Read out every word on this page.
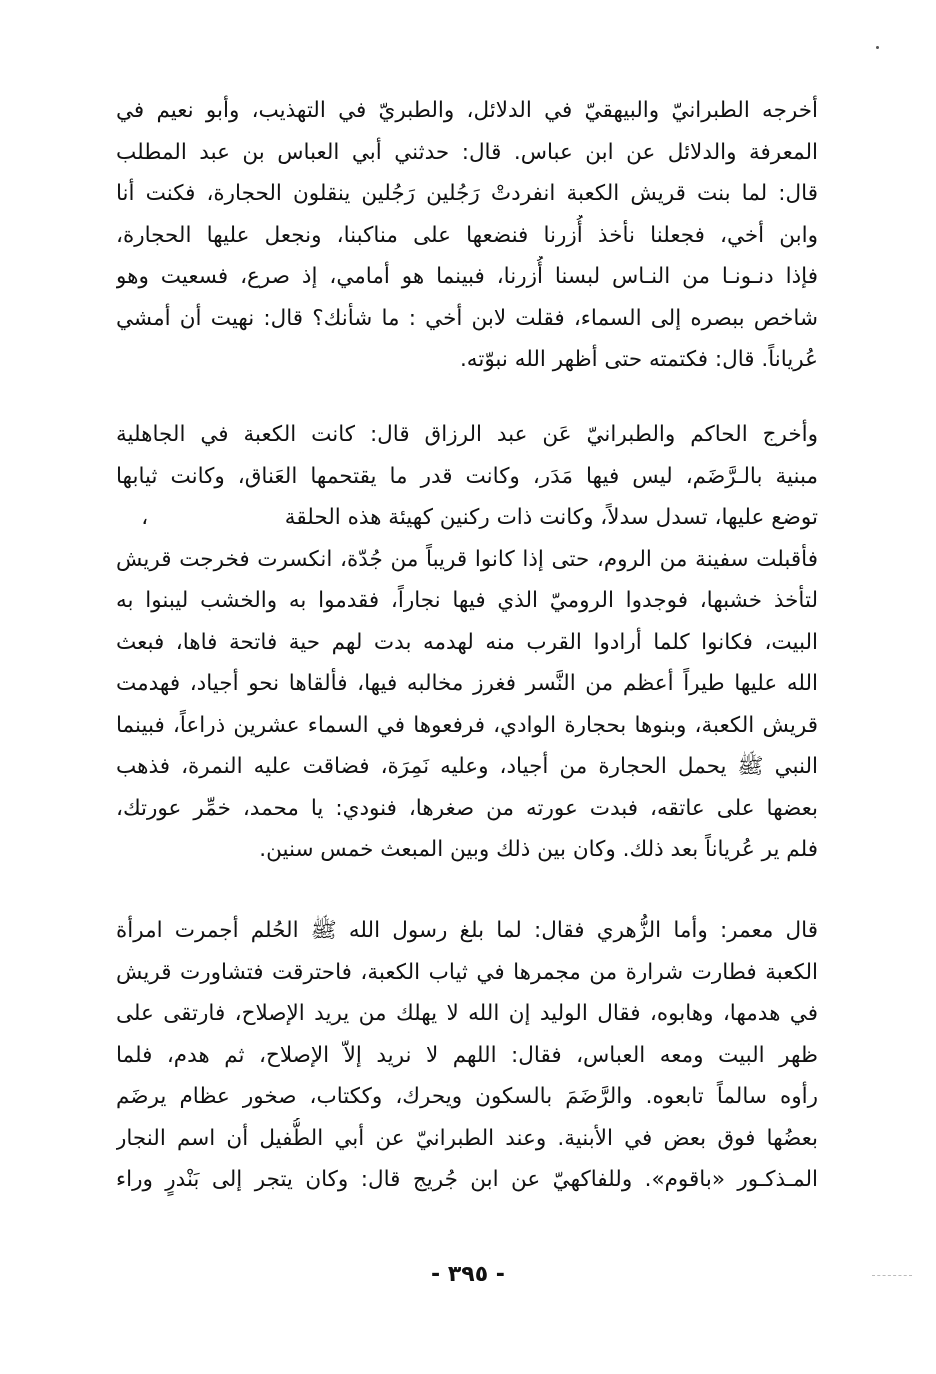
أخرجه الطبرانيّ والبيهقيّ في الدلائل، والطبريّ في التهذيب، وأبو نعيم في
المعرفة والدلائل عن ابن عباس. قال: حدثني أبي العباس بن عبد المطلب
قال: لما بنت قريش الكعبة انفردتْ رَجُلين رَجُلين ينقلون الحجارة، فكنت أنا
وابن أخي، فجعلنا نأخذ أُزرنا فنضعها على مناكبنا، ونجعل عليها الحجارة،
فإذا دنـونـا من النـاس لبسنا أُزرنا، فبينما هو أمامي، إذ صرع، فسعيت وهو
شاخص ببصره إلى السماء، فقلت لابن أخي : ما شأنك؟ قال: نهيت أن أمشي
عُرياناً. قال: فكتمته حتى أظهر الله نبوّته.
وأخرج الحاكم والطبرانيّ عَن عبد الرزاق قال: كانت الكعبة في الجاهلية
مبنية بالـرَّضَم، ليس فيها مَدَر، وكانت قدر ما يقتحمها العَناق، وكانت ثيابها
توضع عليها، تسدل سدلاً، وكانت ذات ركنين كهيئة هذه الحلقة                    ،
فأقبلت سفينة من الروم، حتى إذا كانوا قريباً من جُدّة، انكسرت فخرجت قريش
لتأخذ خشبها، فوجدوا الروميّ الذي فيها نجاراً، فقدموا به والخشب ليبنوا به
البيت، فكانوا كلما أرادوا القرب منه لهدمه بدت لهم حية فاتحة فاها، فبعث
الله عليها طيراً أعظم من النَّسر فغرز مخالبه فيها، فألقاها نحو أجياد، فهدمت
قريش الكعبة، وبنوها بحجارة الوادي، فرفعوها في السماء عشرين ذراعاً، فبينما
النبي ﷺ يحمل الحجارة من أجياد، وعليه نَمِرَة، فضاقت عليه النمرة، فذهب
بعضها على عاتقه، فبدت عورته من صغرها، فنودي: يا محمد، خمِّر عورتك،
فلم ير عُرياناً بعد ذلك. وكان بين ذلك وبين المبعث خمس سنين.
قال معمر: وأما الزُّهري فقال: لما بلغ رسول الله ﷺ الحُلم أجمرت امرأة
الكعبة فطارت شرارة من مجمرها في ثياب الكعبة، فاحترقت فتشاورت قريش
في هدمها، وهابوه، فقال الوليد إن الله لا يهلك من يريد الإصلاح، فارتقى على
ظهر البيت ومعه العباس، فقال: اللهم لا نريد إلاّ الإصلاح، ثم هدم، فلما
رأوه سالماً تابعوه. والرَّضَمَ بالسكون ويحرك، وككتاب، صخور عظام يرضَم
بعضُها فوق بعض في الأبنية. وعند الطبرانيّ عن أبي الطُّفيل أن اسم النجار
المـذكـور «باقوم». وللفاكهيّ عن ابن جُريج قال: وكان يتجر إلى بَنْدرٍ وراء
- ٣٩٥ -
